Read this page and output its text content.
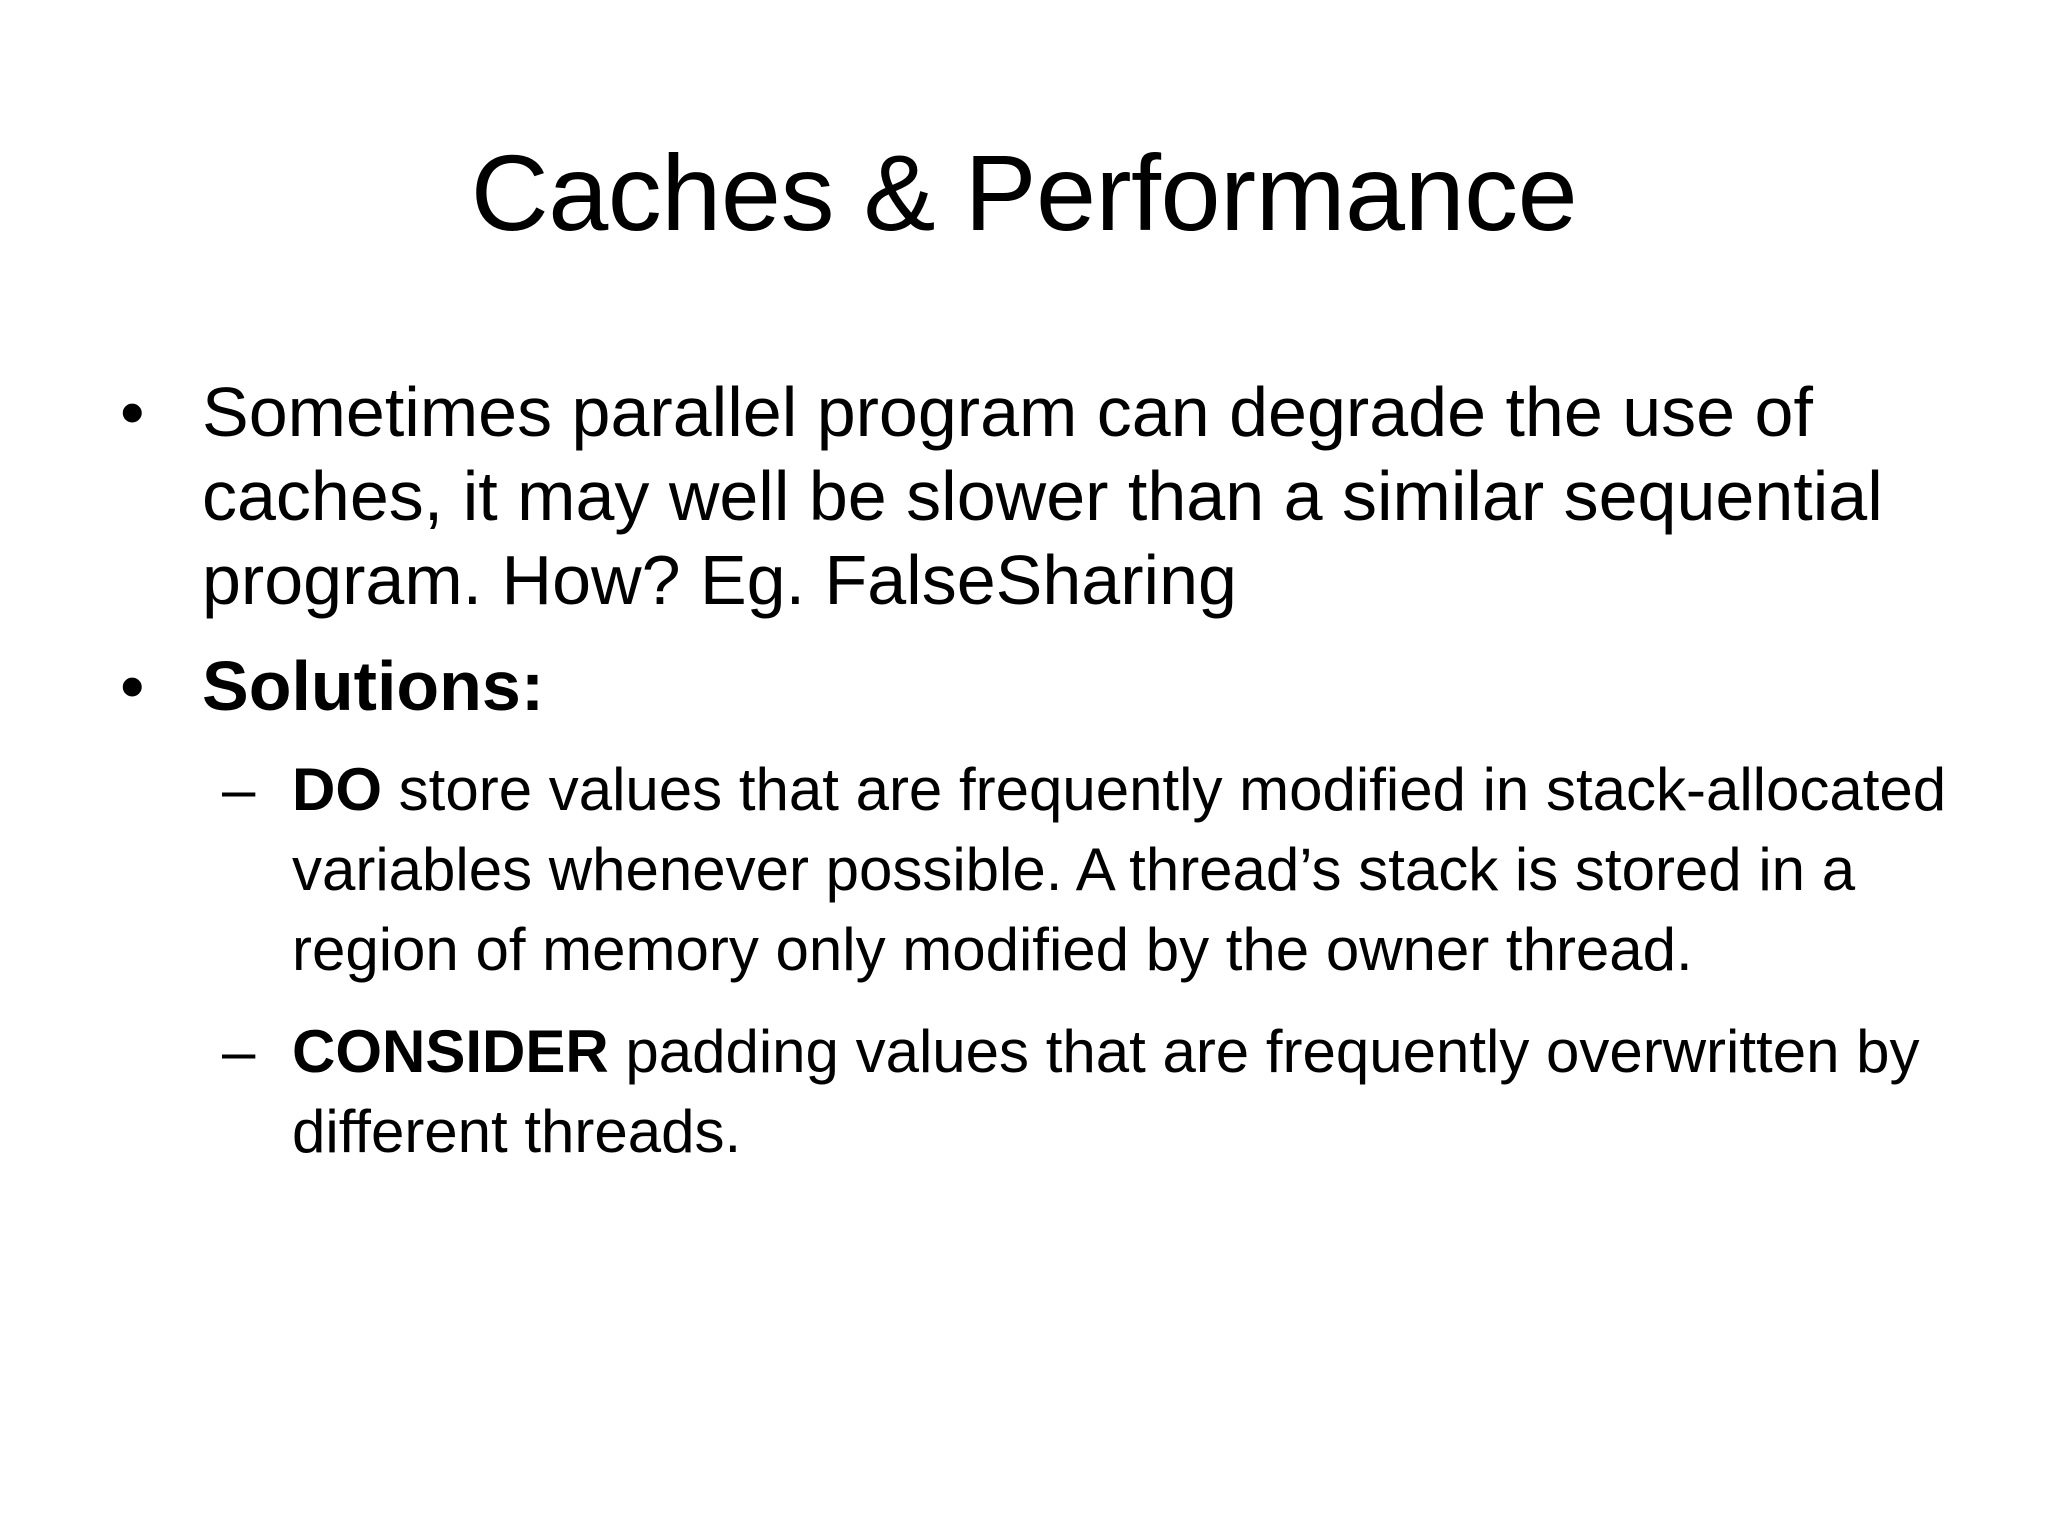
Caches & Performance
• Sometimes parallel program can degrade the use of caches, it may well be slower than a similar sequential program. How? Eg. FalseSharing
• Solutions:
– DO store values that are frequently modified in stack-allocated variables whenever possible. A thread’s stack is stored in a region of memory only modified by the owner thread.
– CONSIDER padding values that are frequently overwritten by different threads.
